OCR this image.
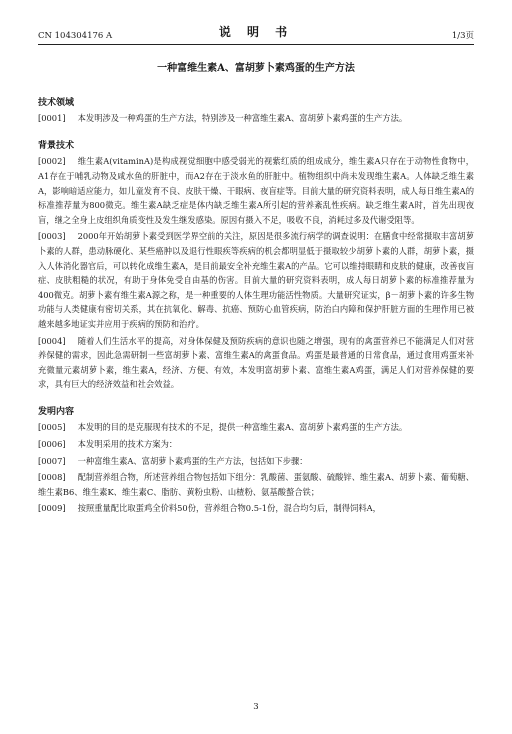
CN 104304176 A	说 明 书	1/3页
一种富维生素A、富胡萝卜素鸡蛋的生产方法
技术领域
[0001] 本发明涉及一种鸡蛋的生产方法，特别涉及一种富维生素A、富胡萝卜素鸡蛋的生产方法。
背景技术
[0002] 维生素A(vitaminA)是构成视觉细胞中感受弱光的视紫红质的组成成分，维生素A只存在于动物性食物中，A1存在于哺乳动物及咸水鱼的肝脏中，而A2存在于淡水鱼的肝脏中。植物组织中尚未发现维生素A。人体缺乏维生素A，影响暗适应能力，如儿童发育不良、皮肤干燥、干眼病、夜盲症等。目前大量的研究资料表明，成人每日维生素A的标准推荐量为800微克。维生素A缺乏症是体内缺乏维生素A所引起的营养紊乱性疾病。缺乏维生素A时，首先出现夜盲，继之全身上皮组织角质变性及发生继发感染。原因有摄入不足，吸收不良，消耗过多及代谢受阻等。
[0003] 2000年开始胡萝卜素受到医学界空前的关注，原因是很多流行病学的调查说明：在膳食中经常摄取丰富胡萝卜素的人群，患动脉硬化、某些癌肿以及退行性眼疾等疾病的机会都明显低于摄取较少胡萝卜素的人群，胡萝卜素，摄入人体消化器官后，可以转化成维生素A，是目前最安全补充维生素A的产品。它可以维持眼睛和皮肤的健康，改善夜盲症、皮肤粗糙的状况，有助于身体免受自由基的伤害。目前大量的研究资料表明，成人每日胡萝卜素的标准推荐量为400微克。胡萝卜素有维生素A源之称，是一种重要的人体生理功能活性物质。大量研究证实，β－胡萝卜素的许多生物功能与人类健康有密切关系，其在抗氧化、解毒、抗癌、预防心血管疾病，防治白内障和保护肝脏方面的生理作用已被越来越多地证实并应用于疾病的预防和治疗。
[0004] 随着人们生活水平的提高，对身体保健及预防疾病的意识也随之增强，现有的禽蛋营养已不能满足人们对营养保健的需求，因此急需研制一些富胡萝卜素、富维生素A的禽蛋食品。鸡蛋是最普通的日常食品，通过食用鸡蛋来补充微量元素胡萝卜素，维生素A，经济、方便、有效，本发明富胡萝卜素、富维生素A鸡蛋，满足人们对营养保健的要求，具有巨大的经济效益和社会效益。
发明内容
[0005] 本发明的目的是克服现有技术的不足，提供一种富维生素A、富胡萝卜素鸡蛋的生产方法。
[0006] 本发明采用的技术方案为：
[0007] 一种富维生素A、富胡萝卜素鸡蛋的生产方法，包括如下步骤：
[0008] 配制营养组合物，所述营养组合物包括如下组分：乳酸菌、蛋氨酸、硫酸锌、维生素A、胡萝卜素、葡萄糖、维生素B6、维生素K、维生素C、脂肪、黄粉虫粉、山楂粉、氨基酸螯合铁；
[0009] 按照重量配比取蛋鸡全价料50份，营养组合物0.5-1份，混合均匀后，制得饲料A，
3
